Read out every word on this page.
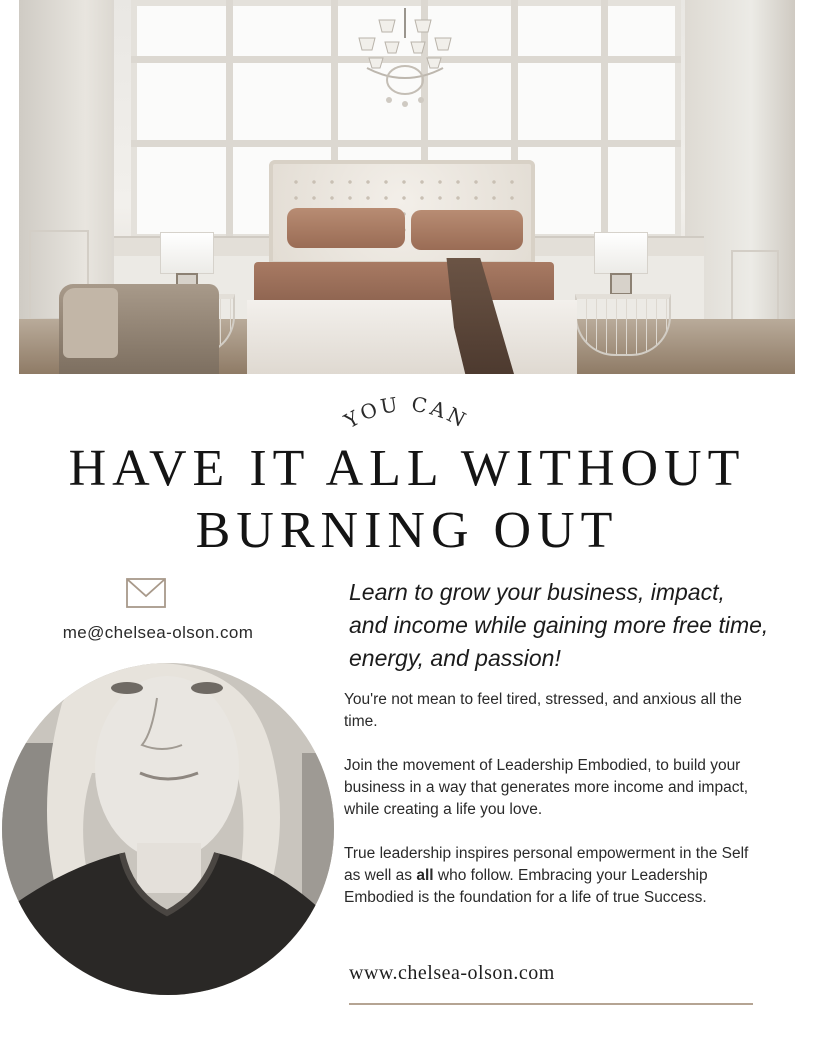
YOU CAN
HAVE IT ALL WITHOUT
BURNING OUT
me@chelsea-olson.com

Learn to grow your business, impact, and income while gaining more free time, energy, and passion!

You're not mean to feel tired, stressed, and anxious all the time.

Join the movement of Leadership Embodied, to build your business in a way that generates more income and impact, while creating a life you love.

True leadership inspires personal empowerment in the Self as well as all who follow. Embracing your Leadership Embodied is the foundation for a life of true Success.

www.chelsea-olson.com
